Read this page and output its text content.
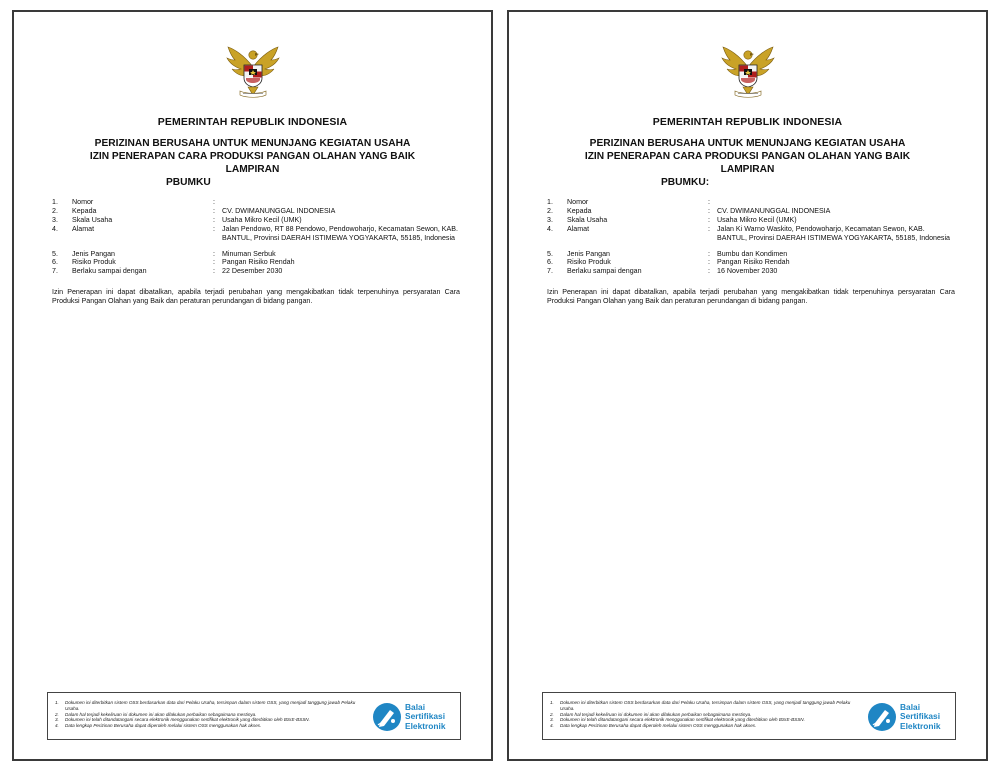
PEMERINTAH REPUBLIK INDONESIA
PERIZINAN BERUSAHA UNTUK MENUNJANG KEGIATAN USAHA
IZIN PENERAPAN CARA PRODUKSI PANGAN OLAHAN YANG BAIK
LAMPIRAN
PBUMKU
1.	Nomor	:
2.	Kepada	: CV. DWIMANUNGGAL INDONESIA
3.	Skala Usaha	: Usaha Mikro Kecil (UMK)
4.	Alamat	: Jalan Pendowo, RT 88 Pendowo, Pendowoharjo, Kecamatan Sewon, KAB. BANTUL, Provinsi DAERAH ISTIMEWA YOGYAKARTA, 55185, Indonesia
5.	Jenis Pangan	: Minuman Serbuk
6.	Risiko Produk	: Pangan Risiko Rendah
7.	Berlaku sampai dengan	: 22 Desember 2030
Izin Penerapan ini dapat dibatalkan, apabila terjadi perubahan yang mengakibatkan tidak terpenuhinya persyaratan Cara Produksi Pangan Olahan yang Baik dan peraturan perundangan di bidang pangan.
1.	Dokumen ini diterbitkan sistem OSS berdasarkan data dari Pelaku Usaha, tersimpan dalam sistem OSS, yang menjadi tanggung jawab Pelaku Usaha.
2.	Dalam hal terjadi kekeliruan isi dokumen ini akan dilakukan perbaikan sebagaimana mestinya.
3.	Dokumen ini telah ditandatangani secara elektronik menggunakan sertifikat elektronik yang diterbitkan oleh BSrE-BSSN.
4.	Data lengkap Perizinan Berusaha dapat diperoleh melalui sistem OSS menggunakan hak akses.
Balai
Sertifikasi
Elektronik
PEMERINTAH REPUBLIK INDONESIA
PERIZINAN BERUSAHA UNTUK MENUNJANG KEGIATAN USAHA
IZIN PENERAPAN CARA PRODUKSI PANGAN OLAHAN YANG BAIK
LAMPIRAN
PBUMKU:
1.	Nomor	:
2.	Kepada	: CV. DWIMANUNGGAL INDONESIA
3.	Skala Usaha	: Usaha Mikro Kecil (UMK)
4.	Alamat	: Jalan Ki Warno Waskito, Pendowoharjo, Kecamatan Sewon, KAB. BANTUL, Provinsi DAERAH ISTIMEWA YOGYAKARTA, 55185, Indonesia
5.	Jenis Pangan	: Bumbu dan Kondimen
6.	Risiko Produk	: Pangan Risiko Rendah
7.	Berlaku sampai dengan	: 16 November 2030
Izin Penerapan ini dapat dibatalkan, apabila terjadi perubahan yang mengakibatkan tidak terpenuhinya persyaratan Cara Produksi Pangan Olahan yang Baik dan peraturan perundangan di bidang pangan.
1.	Dokumen ini diterbitkan sistem OSS berdasarkan data dari Pelaku Usaha, tersimpan dalam sistem OSS, yang menjadi tanggung jawab Pelaku Usaha.
2.	Dalam hal terjadi kekeliruan isi dokumen ini akan dilakukan perbaikan sebagaimana mestinya.
3.	Dokumen ini telah ditandatangani secara elektronik menggunakan sertifikat elektronik yang diterbitkan oleh BSrE-BSSN.
4.	Data lengkap Perizinan Berusaha dapat diperoleh melalui sistem OSS menggunakan hak akses.
Balai
Sertifikasi
Elektronik
